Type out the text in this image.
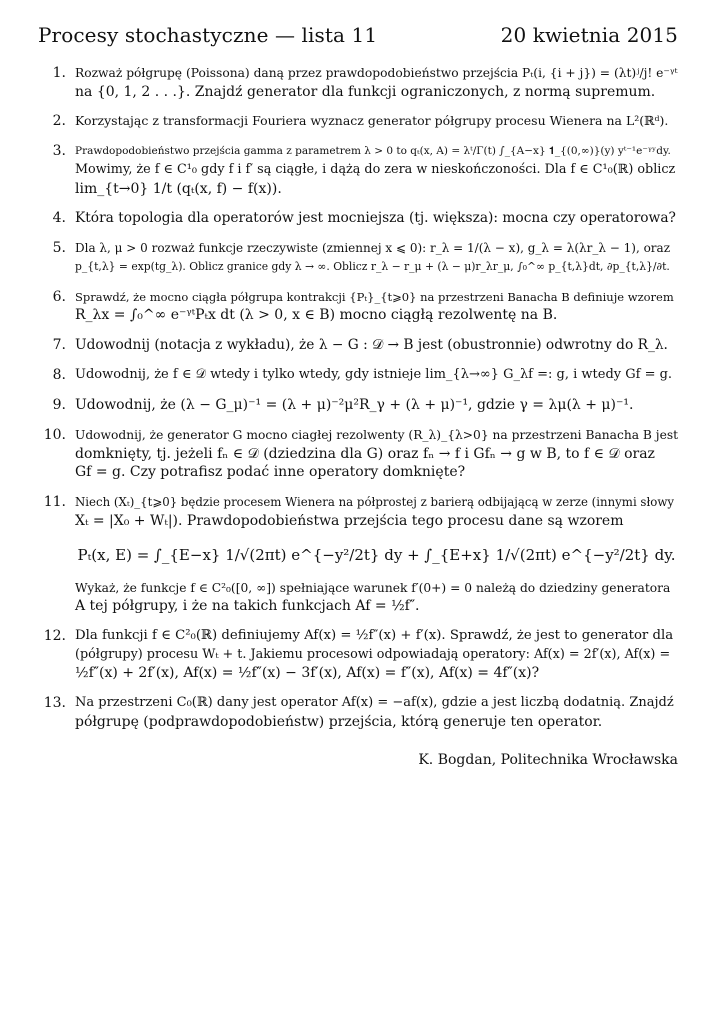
Procesy stochastyczne — lista 11	20 kwietnia 2015
1. Rozważ półgrupę (Poissona) daną przez prawdopodobieństwo przejścia Pₜ(i, {i + j}) = (λt)ʲ/j! e⁻ᵞᵗ
na {0, 1, 2 . . .}. Znajdź generator dla funkcji ograniczonych, z normą supremum.
2. Korzystając z transformacji Fouriera wyznacz generator półgrupy procesu Wienera na L²(ℝᵈ).
3. Prawdopodobieństwo przejścia gamma z parametrem λ > 0 to qₜ(x, A) = λᵗ/Γ(t) ∫_{A−x} 𝟏_{(0,∞)}(y) yᵗ⁻¹e⁻ᵞʸdy.
Mowimy, że f ∈ C¹₀ gdy f i f′ są ciągłe, i dążą do zera w nieskończoności. Dla f ∈ C¹₀(ℝ) oblicz
lim_{t→0} 1/t (qₜ(x, f) − f(x)).
4. Która topologia dla operatorów jest mocniejsza (tj. większa): mocna czy operatorowa?
5. Dla λ, μ > 0 rozważ funkcje rzeczywiste (zmiennej x ⩽ 0): r_λ = 1/(λ − x), g_λ = λ(λr_λ − 1), oraz
p_{t,λ} = exp(tg_λ). Oblicz granice gdy λ → ∞. Oblicz r_λ − r_μ + (λ − μ)r_λr_μ, ∫₀^∞ p_{t,λ}dt, ∂p_{t,λ}/∂t.
6. Sprawdź, że mocno ciągła półgrupa kontrakcji {Pₜ}_{t⩾0} na przestrzeni Banacha B definiuje wzorem
R_λx = ∫₀^∞ e⁻ᵞᵗPₜx dt (λ > 0, x ∈ B) mocno ciągłą rezolwentę na B.
7. Udowodnij (notacja z wykładu), że λ − G : 𝒟 → B jest (obustronnie) odwrotny do R_λ.
8. Udowodnij, że f ∈ 𝒟 wtedy i tylko wtedy, gdy istnieje lim_{λ→∞} G_λf =: g, i wtedy Gf = g.
9. Udowodnij, że (λ − G_μ)⁻¹ = (λ + μ)⁻²μ²R_γ + (λ + μ)⁻¹, gdzie γ = λμ(λ + μ)⁻¹.
10. Udowodnij, że generator G mocno ciagłej rezolwenty (R_λ)_{λ>0} na przestrzeni Banacha B jest
domknięty, tj. jeżeli fₙ ∈ 𝒟 (dziedzina dla G) oraz fₙ → f i Gfₙ → g w B, to f ∈ 𝒟 oraz
Gf = g. Czy potrafisz podać inne operatory domknięte?
11. Niech (Xₜ)_{t⩾0} będzie procesem Wienera na półprostej z barierą odbijającą w zerze (innymi słowy
Xₜ = |X₀ + Wₜ|). Prawdopodobieństwa przejścia tego procesu dane są wzorem
Pₜ(x, E) = ∫_{E−x} 1/√(2πt) e^{−y²/2t} dy + ∫_{E+x} 1/√(2πt) e^{−y²/2t} dy.
Wykaż, że funkcje f ∈ C²₀([0, ∞]) spełniające warunek f′(0+) = 0 należą do dziedziny generatora
A tej półgrupy, i że na takich funkcjach Af = ½f″.
12. Dla funkcji f ∈ C²₀(ℝ) definiujemy Af(x) = ½f″(x) + f′(x). Sprawdź, że jest to generator dla
(półgrupy) procesu Wₜ + t. Jakiemu procesowi odpowiadają operatory: Af(x) = 2f′(x), Af(x) =
½f″(x) + 2f′(x), Af(x) = ½f″(x) − 3f′(x), Af(x) = f″(x), Af(x) = 4f″(x)?
13. Na przestrzeni C₀(ℝ) dany jest operator Af(x) = −af(x), gdzie a jest liczbą dodatnią. Znajdź
półgrupę (podprawdopodobieństw) przejścia, którą generuje ten operator.
K. Bogdan, Politechnika Wrocławska
